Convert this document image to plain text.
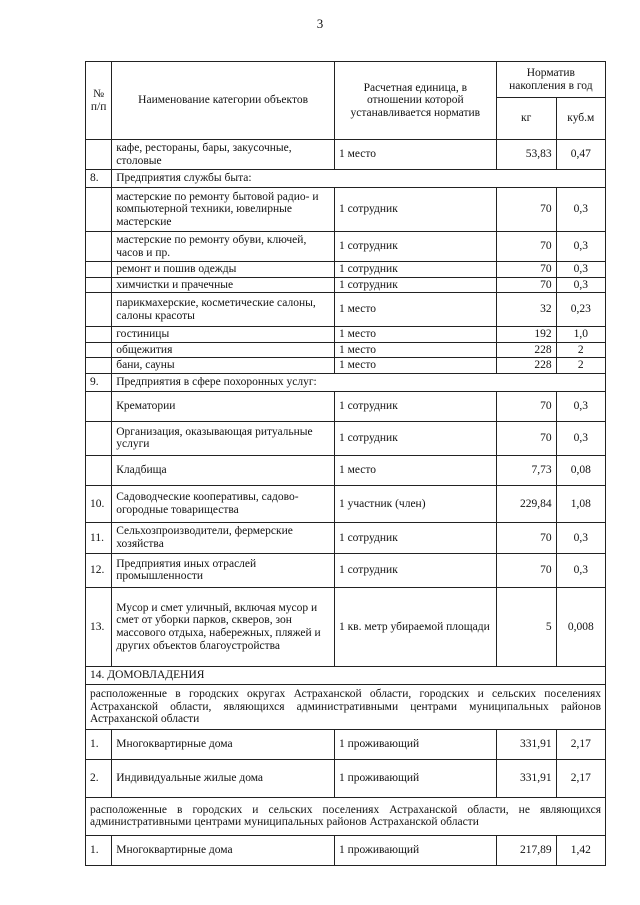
3
№ п/п	Наименование категории объектов	Расчетная единица, в отношении которой устанавливается норматив	Норматив накопления в год	
			кг	куб.м
	кафе, рестораны, бары, закусочные, столовые	1 место	53,83	0,47
8.	Предприятия службы быта:			
	мастерские по ремонту бытовой радио- и компьютерной техники, ювелирные мастерские	1 сотрудник	70	0,3
	мастерские по ремонту обуви, ключей, часов и пр.	1 сотрудник	70	0,3
	ремонт и пошив одежды	1 сотрудник	70	0,3
	химчистки и прачечные	1 сотрудник	70	0,3
	парикмахерские, косметические салоны, салоны красоты	1 место	32	0,23
	гостиницы	1 место	192	1,0
	общежития	1 место	228	2
	бани, сауны	1 место	228	2
9.	Предприятия в сфере похоронных услуг:			
	Крематории	1 сотрудник	70	0,3
	Организация, оказывающая ритуальные услуги	1 сотрудник	70	0,3
	Кладбища	1 место	7,73	0,08
10.	Садоводческие кооперативы, садово-огородные товарищества	1 участник (член)	229,84	1,08
11.	Сельхозпроизводители, фермерские хозяйства	1 сотрудник	70	0,3
12.	Предприятия иных отраслей промышленности	1 сотрудник	70	0,3
13.	Мусор и смет уличный, включая мусор и смет от уборки парков, скверов, зон массового отдыха, набережных, пляжей и других объектов благоустройства	1 кв. метр убираемой площади	5	0,008
14. ДОМОВЛАДЕНИЯ				
расположенные в городских округах Астраханской области, городских и сельских поселениях Астраханской области, являющихся административными центрами муниципальных районов Астраханской области				
1.	Многоквартирные дома	1 проживающий	331,91	2,17
2.	Индивидуальные жилые дома	1 проживающий	331,91	2,17
расположенные в городских и сельских поселениях Астраханской области, не являющихся административными центрами муниципальных районов Астраханской области				
1.	Многоквартирные дома	1 проживающий	217,89	1,42
